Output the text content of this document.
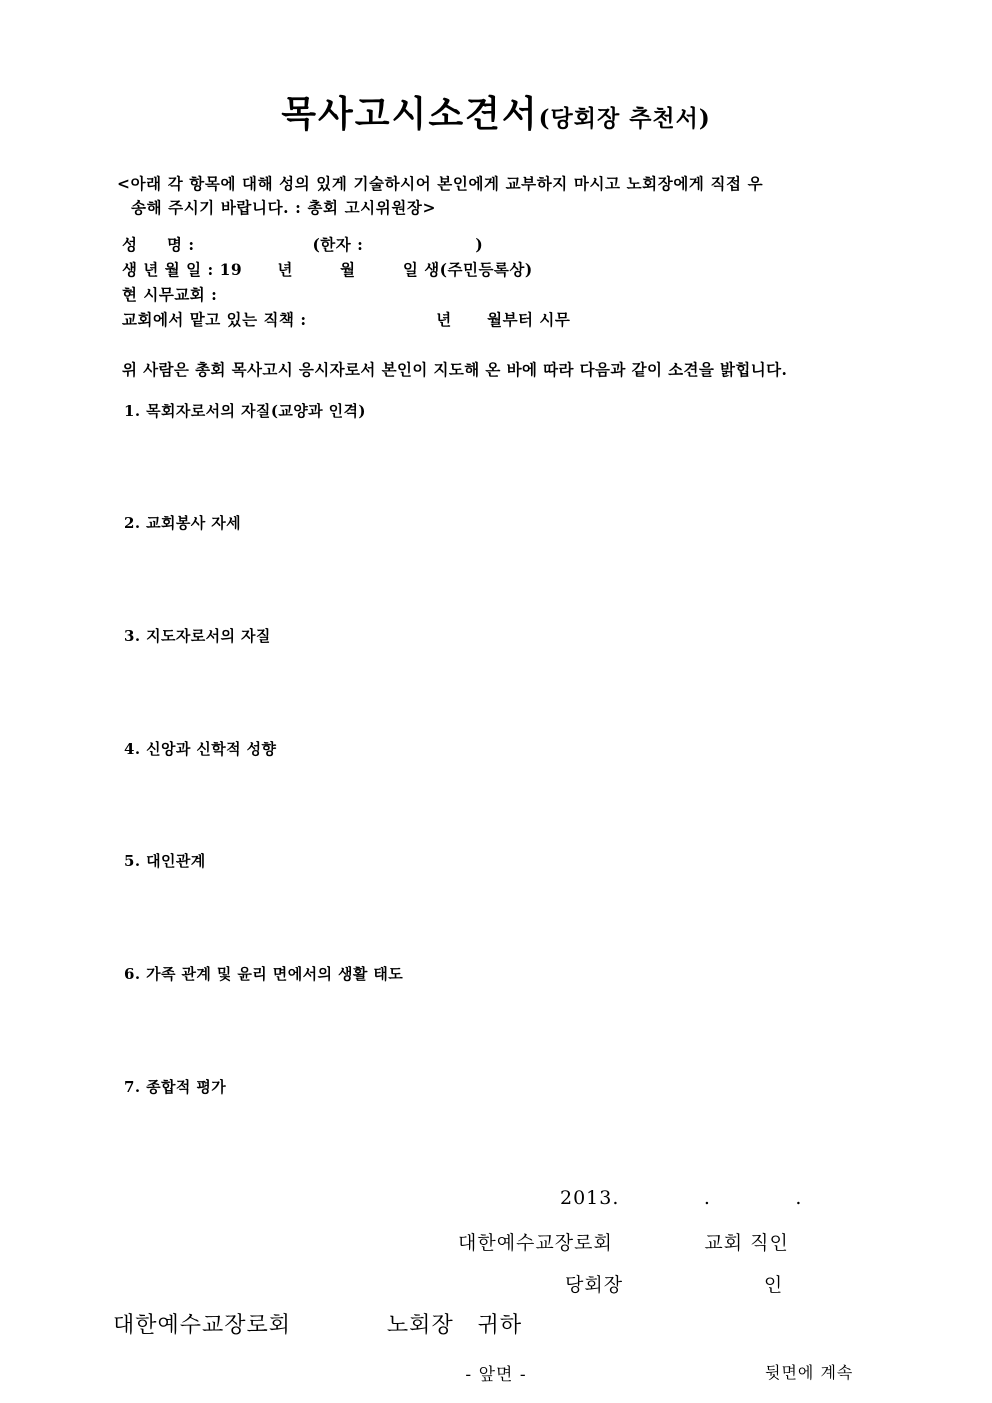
목사고시소견서(당회장 추천서)
<아래 각 항목에 대해 성의 있게 기술하시어 본인에게 교부하지 마시고 노회장에게 직접 우
송해 주시기 바랍니다. : 총회 고시위원장>
성     명 :                    (한자 :                   )
생 년 월 일 : 19      년        월        일 생(주민등록상)
현 시무교회 :
교회에서 맡고 있는 직책 :                      년      월부터 시무
위 사람은 총회 목사고시 응시자로서 본인이 지도해 온 바에 따라 다음과 같이 소견을 밝힙니다.
1. 목회자로서의 자질(교양과 인격)
2. 교회봉사 자세
3. 지도자로서의 자질
4. 신앙과 신학적 성향
5. 대인관계
6. 가족 관계 및 윤리 면에서의 생활 태도
7. 종합적 평가
2013.            .            .
대한예수교장로회             교회 직인
당회장                    인
대한예수교장로회            노회장   귀하
- 앞면 -	뒷면에 계속
